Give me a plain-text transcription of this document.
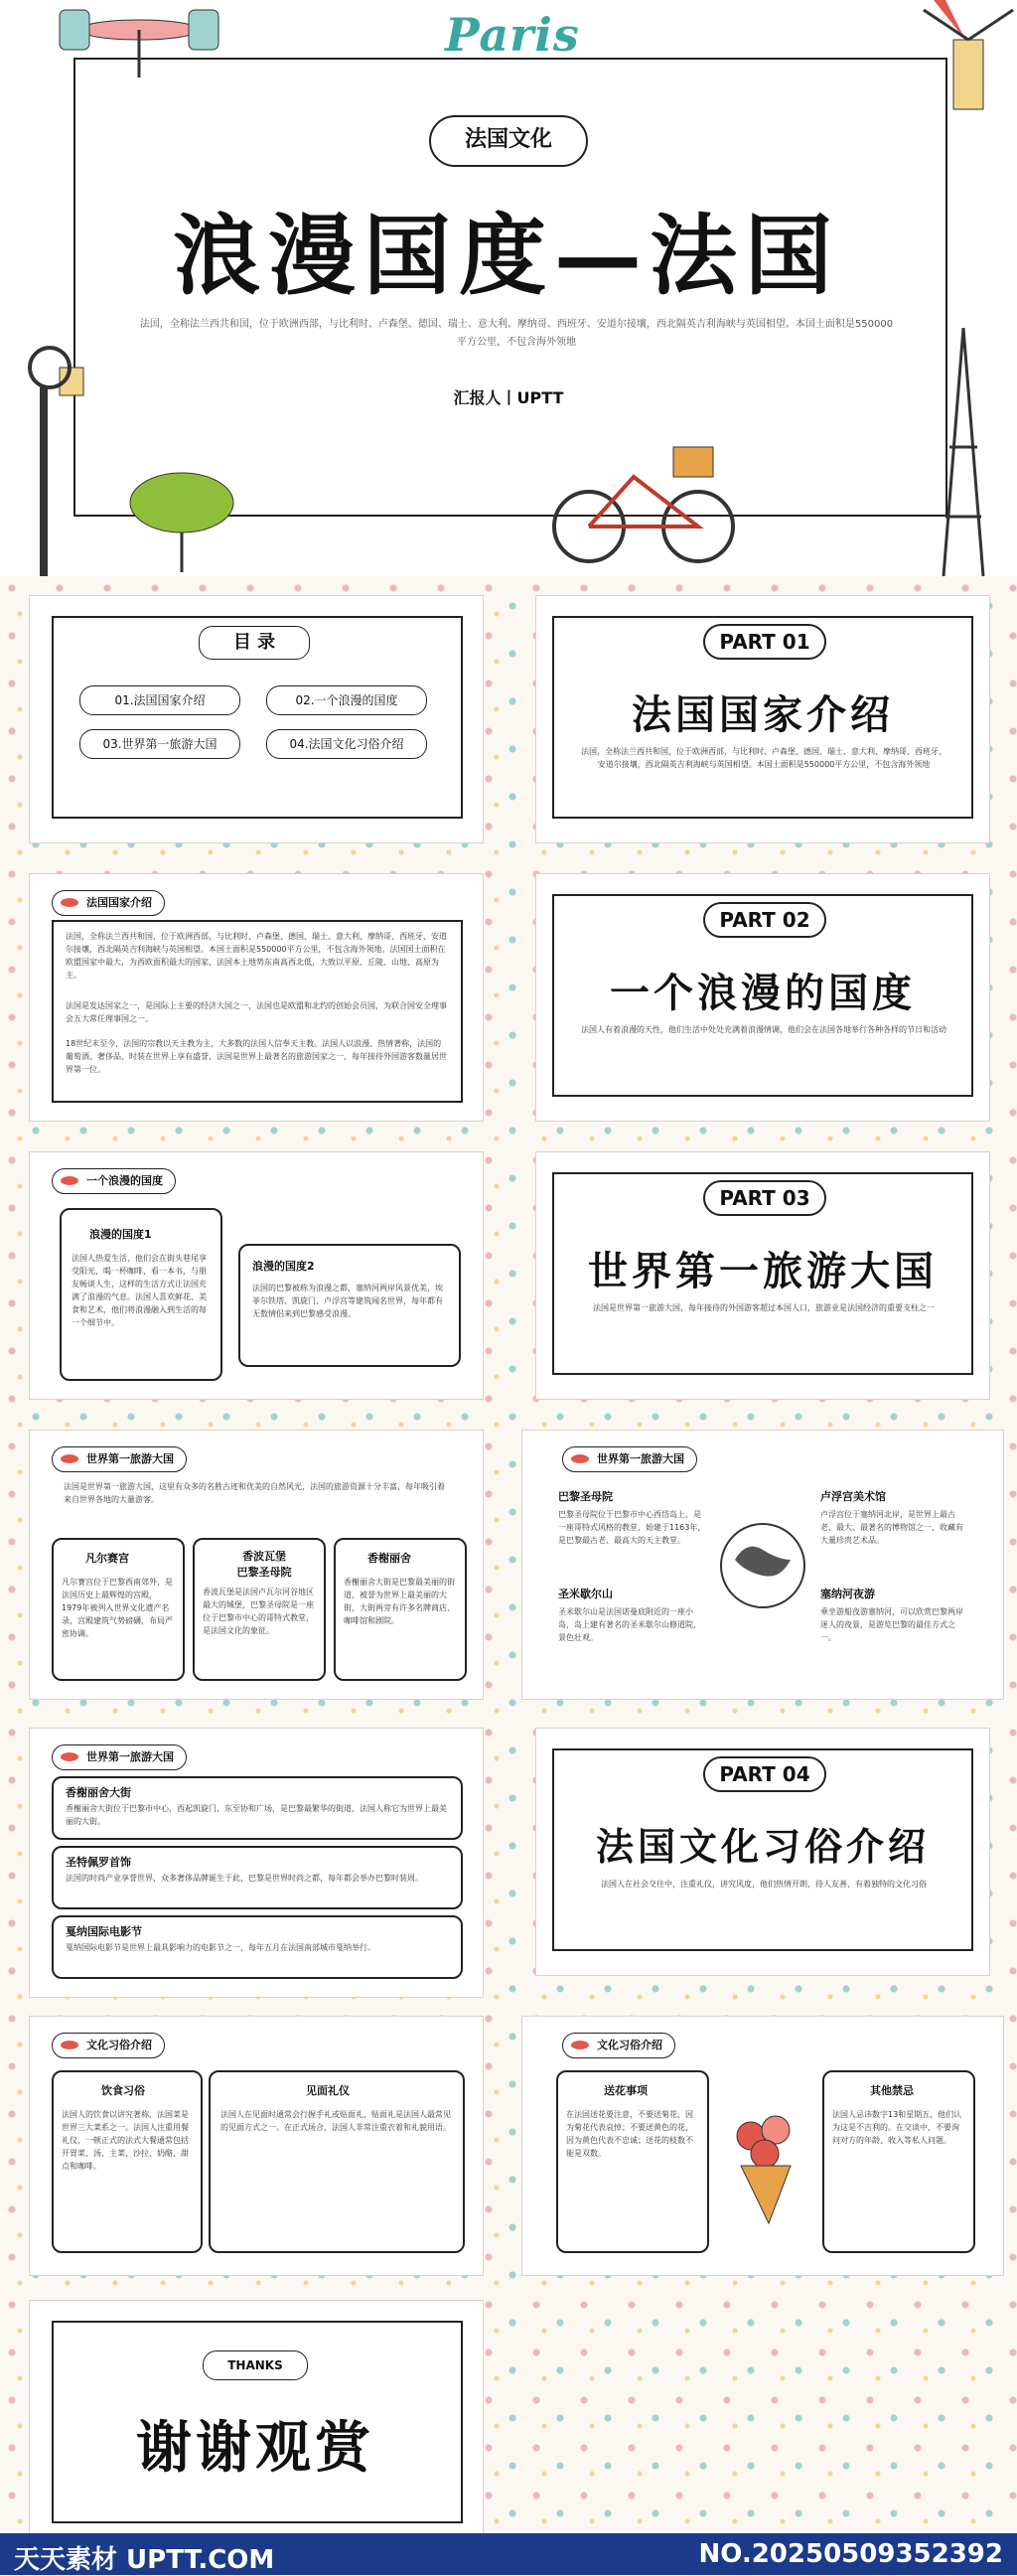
Paris
法国文化
浪漫国度—法国
法国，全称法兰西共和国，位于欧洲西部，与比利时、卢森堡、德国、瑞士、意大利、摩纳哥、西班牙、安道尔接壤，西北隔英吉利海峡与英国相望。本国土面积是550000平方公里，不包含海外领地
汇报人丨UPTT
目 录
01.法国国家介绍	02.一个浪漫的国度
03.世界第一旅游大国	04.法国文化习俗介绍
PART 01
法国国家介绍
法国，全称法兰西共和国，位于欧洲西部，与比利时、卢森堡、德国、瑞士、意大利、摩纳哥、西班牙、安道尔接壤，西北隔英吉利海峡与英国相望。本国土面积是550000平方公里，不包含海外领地
法国国家介绍
法国，全称法兰西共和国，位于欧洲西部，与比利时、卢森堡、德国、瑞士、意大利、摩纳哥、西班牙、安道尔接壤，西北隔英吉利海峡与英国相望。本国土面积是550000平方公里，不包含海外领地。法国国土面积在欧盟国家中最大，为西欧面积最大的国家，法国本土地势东南高西北低，大致以平原、丘陵、山地、高原为主。
法国是发达国家之一，是国际上主要的经济大国之一，法国也是欧盟和北约的创始会员国，为联合国安全理事会五大常任理事国之一。
18世纪末至今，法国的宗教以天主教为主，大多数的法国人信奉天主教。法国人以浪漫、热情著称，法国的葡萄酒、奢侈品、时装在世界上享有盛誉，法国是世界上最著名的旅游国家之一，每年接待外国游客数量居世界第一位。
PART 02
一个浪漫的国度
法国人有着浪漫的天性，他们生活中处处充满着浪漫情调，他们会在法国各地举行各种各样的节日和活动
一个浪漫的国度
浪漫的国度1
法国人热爱生活，他们会在街头巷尾享受阳光，喝一杯咖啡，看一本书，与朋友畅谈人生，这样的生活方式让法国充满了浪漫的气息。法国人喜欢鲜花、美食和艺术，他们将浪漫融入到生活的每一个细节中。
浪漫的国度2
法国的巴黎被称为浪漫之都，塞纳河两岸风景优美，埃菲尔铁塔、凯旋门、卢浮宫等建筑闻名世界，每年都有无数情侣来到巴黎感受浪漫。
PART 03
世界第一旅游大国
法国是世界第一旅游大国，每年接待的外国游客超过本国人口，旅游业是法国经济的重要支柱之一
世界第一旅游大国
法国是世界第一旅游大国，这里有众多的名胜古迹和优美的自然风光，法国的旅游资源十分丰富，每年吸引着来自世界各地的大量游客。
凡尔赛宫
凡尔赛宫位于巴黎西南郊外，是法国历史上最辉煌的宫殿，1979年被列入世界文化遗产名录，宫殿建筑气势磅礴，布局严密协调。
香波瓦堡
巴黎圣母院
香波瓦堡是法国卢瓦尔河谷地区最大的城堡，巴黎圣母院是一座位于巴黎市中心的哥特式教堂，是法国文化的象征。
香榭丽舍
香榭丽舍大街是巴黎最美丽的街道，被誉为世界上最美丽的大街，大街两旁有许多名牌商店、咖啡馆和剧院。
世界第一旅游大国
巴黎圣母院
巴黎圣母院位于巴黎市中心西岱岛上，是一座哥特式风格的教堂，始建于1163年，是巴黎最古老、最高大的天主教堂。
卢浮宫美术馆
卢浮宫位于塞纳河北岸，是世界上最古老、最大、最著名的博物馆之一，收藏有大量珍贵艺术品。
圣米歇尔山
圣米歇尔山是法国诺曼底附近的一座小岛，岛上建有著名的圣米歇尔山修道院，景色壮观。
塞纳河夜游
乘坐游船夜游塞纳河，可以欣赏巴黎两岸迷人的夜景，是游览巴黎的最佳方式之一。
世界第一旅游大国
香榭丽舍大街
香榭丽舍大街位于巴黎市中心，西起凯旋门，东至协和广场，是巴黎最繁华的街道，法国人称它为世界上最美丽的大街。
圣特佩罗首饰
法国的时尚产业享誉世界，众多奢侈品牌诞生于此，巴黎是世界时尚之都，每年都会举办巴黎时装周。
戛纳国际电影节
戛纳国际电影节是世界上最具影响力的电影节之一，每年五月在法国南部城市戛纳举行。
PART 04
法国文化习俗介绍
法国人在社会交往中，注重礼仪，讲究风度，他们热情开朗，待人友善，有着独特的文化习俗
文化习俗介绍
饮食习俗
法国人的饮食以讲究著称，法国菜是世界三大菜系之一。法国人注重用餐礼仪，一顿正式的法式大餐通常包括开胃菜、汤、主菜、沙拉、奶酪、甜点和咖啡。
见面礼仪
法国人在见面时通常会行握手礼或贴面礼，贴面礼是法国人最常见的见面方式之一。在正式场合，法国人非常注重衣着和礼貌用语。
文化习俗介绍
送花事项
在法国送花要注意，不要送菊花，因为菊花代表哀悼；不要送黄色的花，因为黄色代表不忠诚；送花的枝数不能是双数。
其他禁忌
法国人忌讳数字13和星期五，他们认为这是不吉利的。在交谈中，不要询问对方的年龄、收入等私人问题。
THANKS
谢谢观赏
天天素材 UPTT.COM	NO.20250509352392
